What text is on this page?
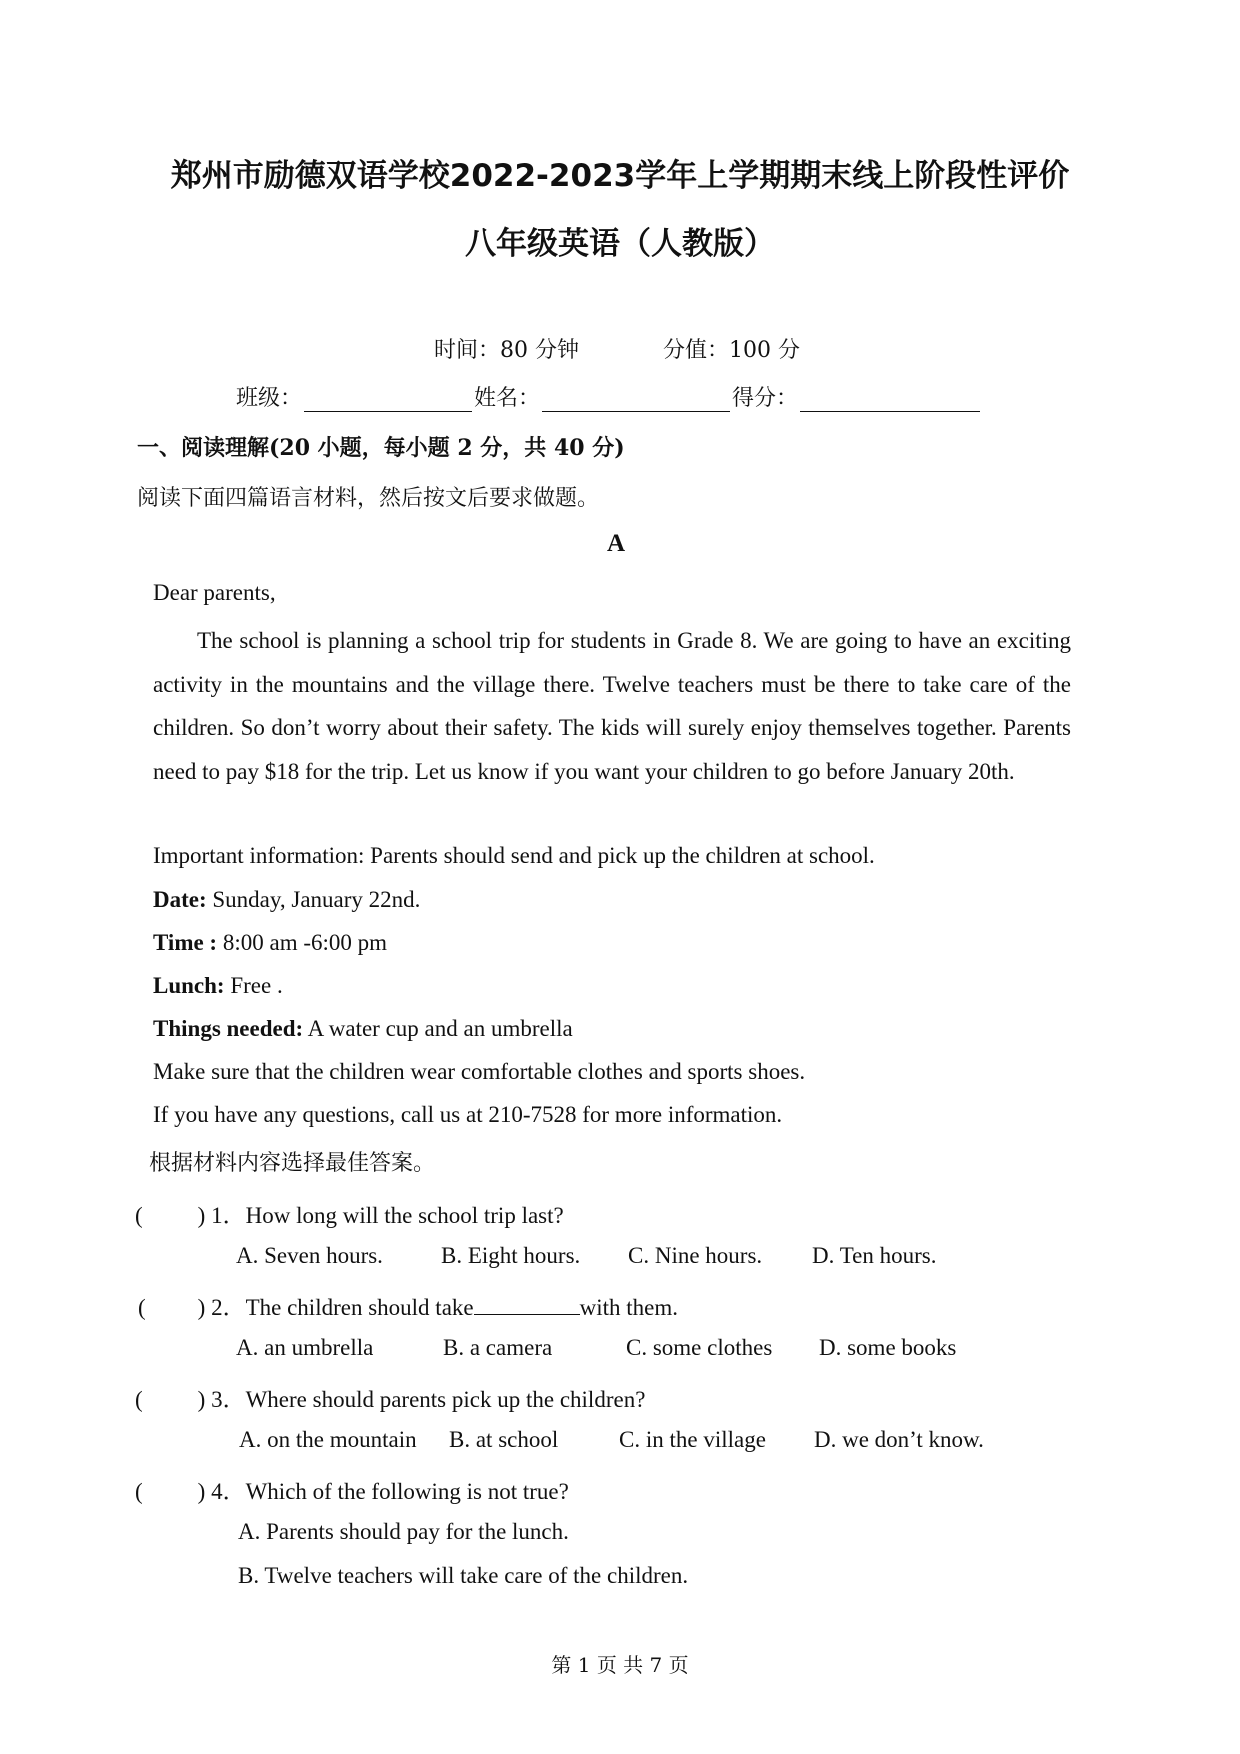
郑州市励德双语学校2022-2023学年上学期期末线上阶段性评价
八年级英语（人教版）
时间：80 分钟	分值：100 分
班级：	姓名：	得分：
一、阅读理解(20 小题，每小题 2 分，共 40 分)
阅读下面四篇语言材料，然后按文后要求做题。
A
Dear parents,
The school is planning a school trip for students in Grade 8. We are going to have an exciting activity in the mountains and the village there. Twelve teachers must be there to take care of the children. So don’t worry about their safety. The kids will surely enjoy themselves together. Parents need to pay $18 for the trip. Let us know if you want your children to go before January 20th.
Important information: Parents should send and pick up the children at school.
Date: Sunday, January 22nd.
Time : 8:00 am -6:00 pm
Lunch: Free .
Things needed: A water cup and an umbrella
Make sure that the children wear comfortable clothes and sports shoes.
If you have any questions, call us at 210-7528 for more information.
根据材料内容选择最佳答案。
( ) 1．How long will the school trip last?
A. Seven hours.	B. Eight hours. C. Nine hours. D. Ten hours.
( ) 2．The children should take	with them.
A. an umbrella	B. a camera	C. some clothes D. some books
( ) 3．Where should parents pick up the children?
A. on the mountain B. at school	C. in the village D. we don’t know.
( ) 4．Which of the following is not true?
A. Parents should pay for the lunch.
B. Twelve teachers will take care of the children.
第 1 页 共 7 页
